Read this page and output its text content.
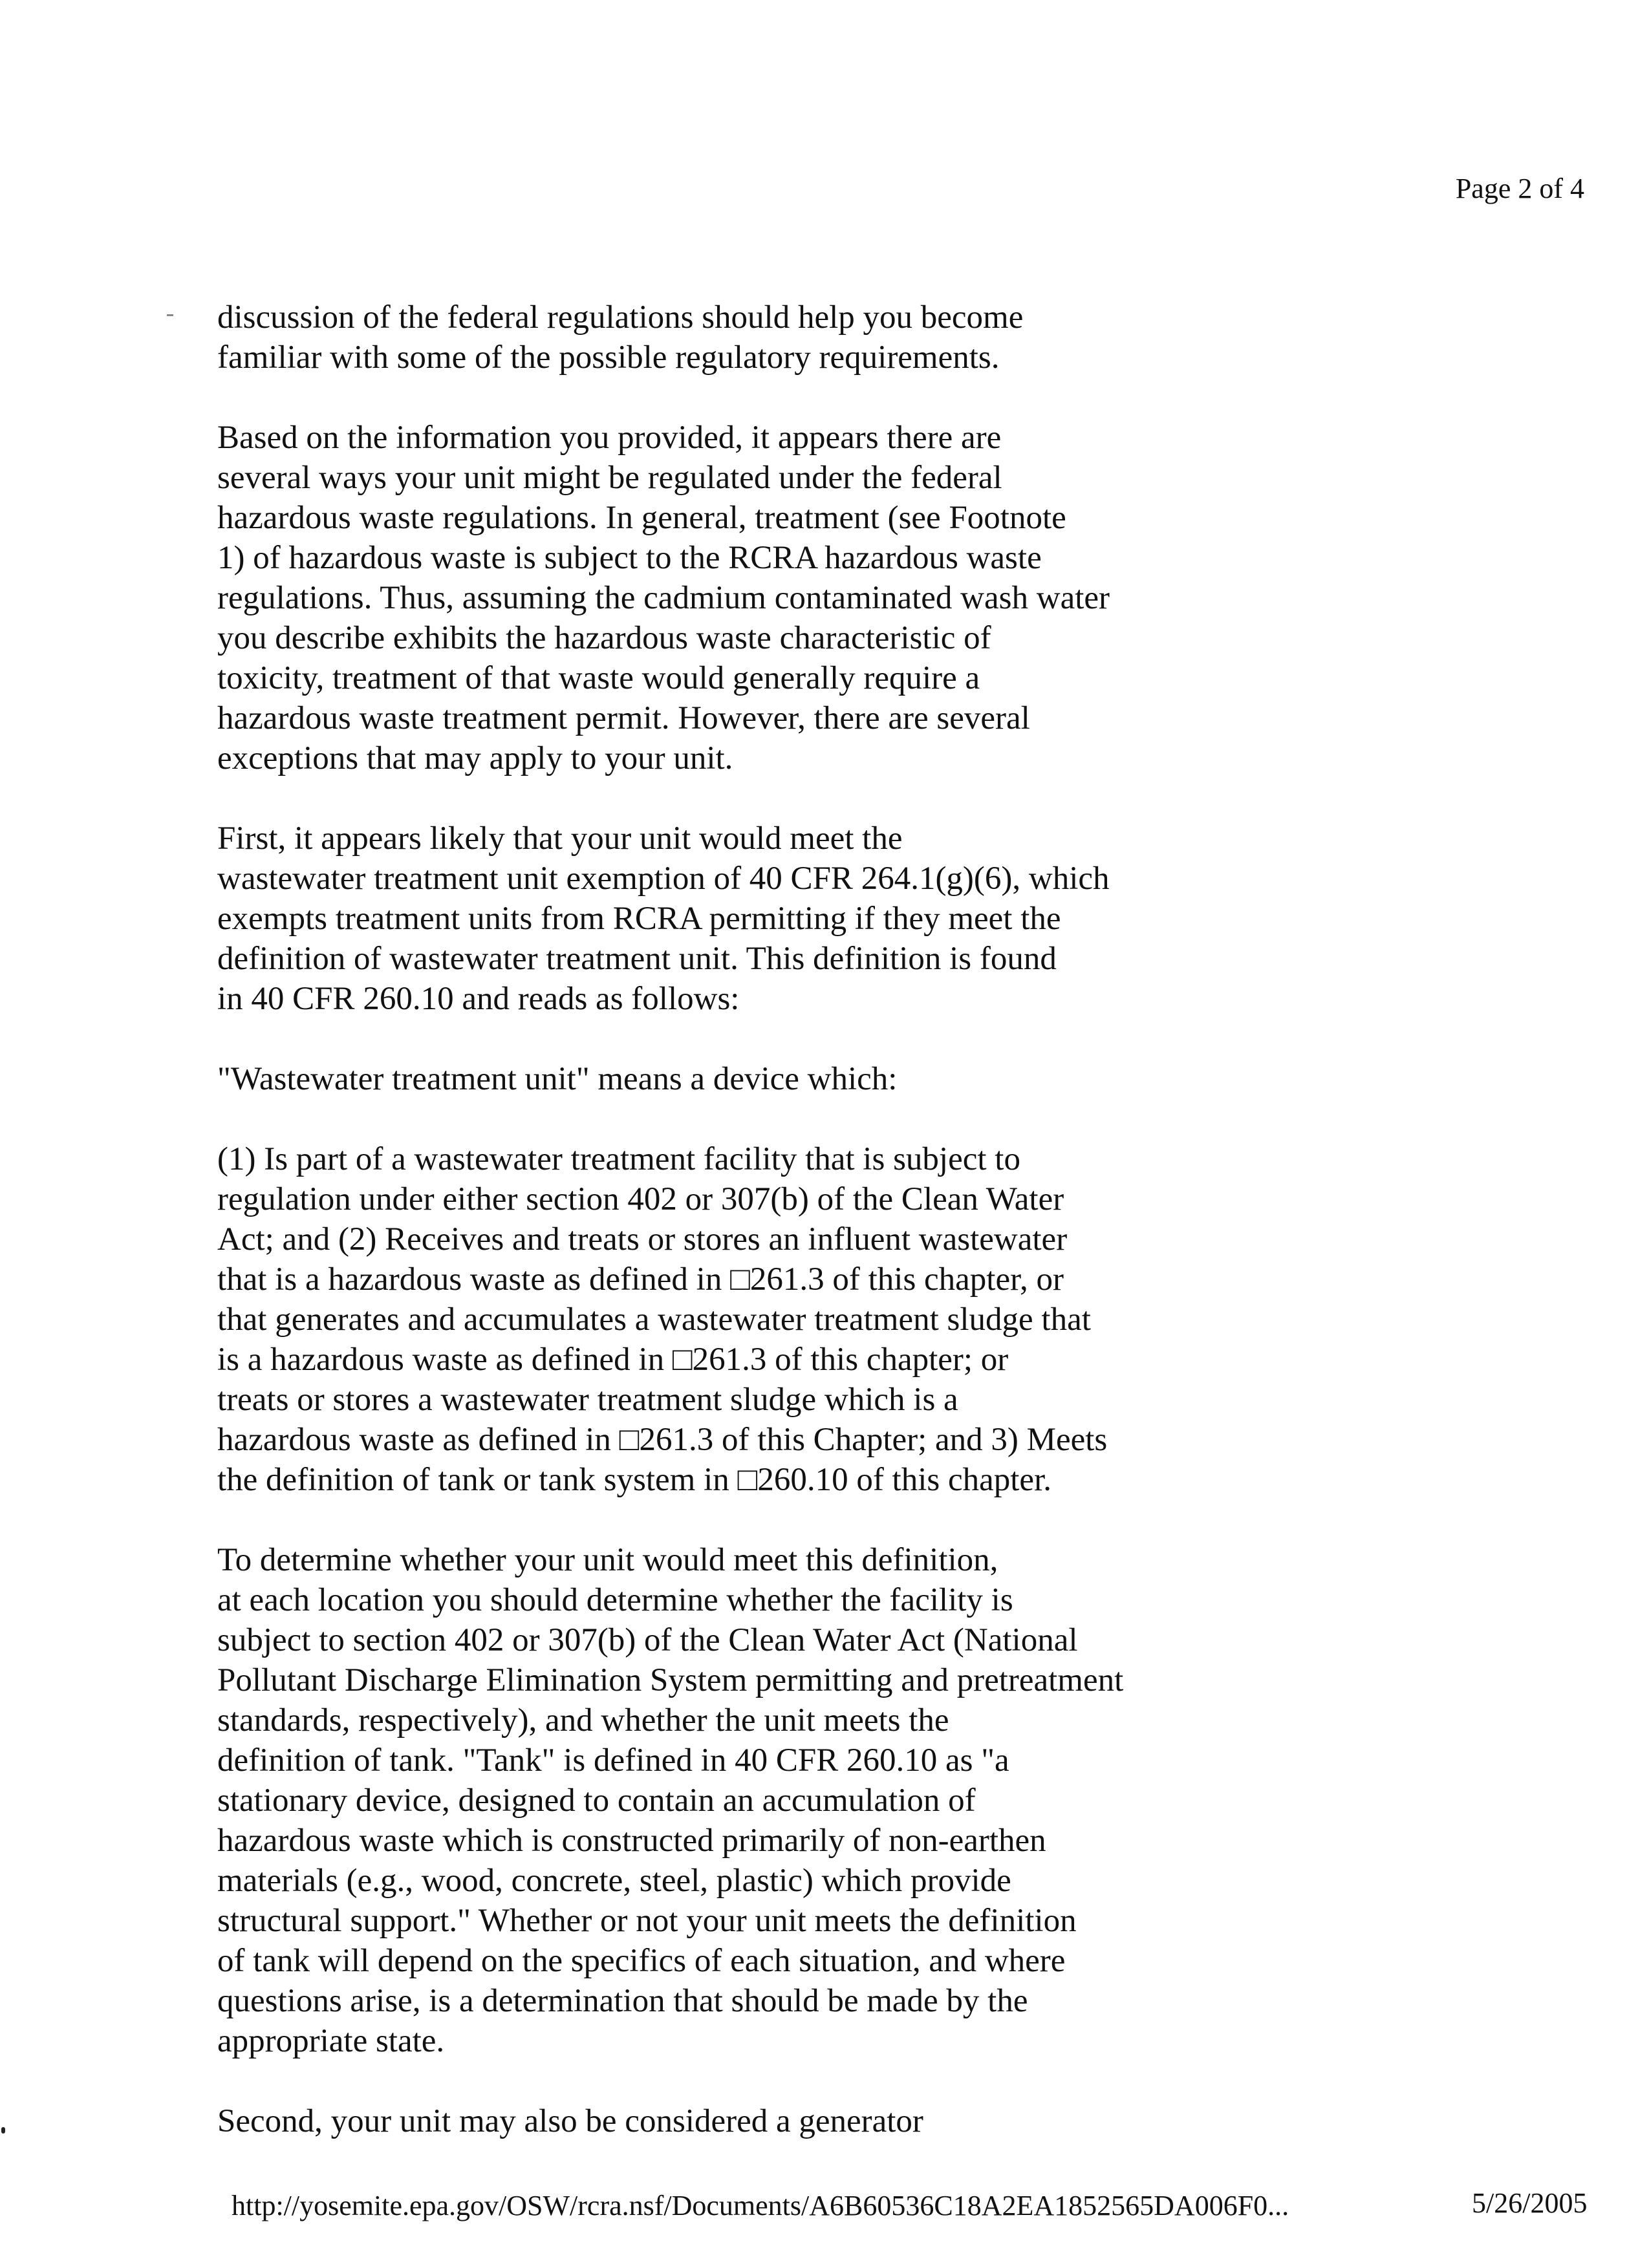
Page 2 of 4

discussion of the federal regulations should help you become
familiar with some of the possible regulatory requirements.

Based on the information you provided, it appears there are
several ways your unit might be regulated under the federal
hazardous waste regulations. In general, treatment (see Footnote
1) of hazardous waste is subject to the RCRA hazardous waste
regulations. Thus, assuming the cadmium contaminated wash water
you describe exhibits the hazardous waste characteristic of
toxicity, treatment of that waste would generally require a
hazardous waste treatment permit. However, there are several
exceptions that may apply to your unit.

First, it appears likely that your unit would meet the
wastewater treatment unit exemption of 40 CFR 264.1(g)(6), which
exempts treatment units from RCRA permitting if they meet the
definition of wastewater treatment unit. This definition is found
in 40 CFR 260.10 and reads as follows:

"Wastewater treatment unit" means a device which:

(1) Is part of a wastewater treatment facility that is subject to
regulation under either section 402 or 307(b) of the Clean Water
Act; and (2) Receives and treats or stores an influent wastewater
that is a hazardous waste as defined in □261.3 of this chapter, or
that generates and accumulates a wastewater treatment sludge that
is a hazardous waste as defined in □261.3 of this chapter; or
treats or stores a wastewater treatment sludge which is a
hazardous waste as defined in □261.3 of this Chapter; and 3) Meets
the definition of tank or tank system in □260.10 of this chapter.

To determine whether your unit would meet this definition,
at each location you should determine whether the facility is
subject to section 402 or 307(b) of the Clean Water Act (National
Pollutant Discharge Elimination System permitting and pretreatment
standards, respectively), and whether the unit meets the
definition of tank. "Tank" is defined in 40 CFR 260.10 as "a
stationary device, designed to contain an accumulation of
hazardous waste which is constructed primarily of non-earthen
materials (e.g., wood, concrete, steel, plastic) which provide
structural support." Whether or not your unit meets the definition
of tank will depend on the specifics of each situation, and where
questions arise, is a determination that should be made by the
appropriate state.

Second, your unit may also be considered a generator

http://yosemite.epa.gov/OSW/rcra.nsf/Documents/A6B60536C18A2EA1852565DA006F0...	5/26/2005
